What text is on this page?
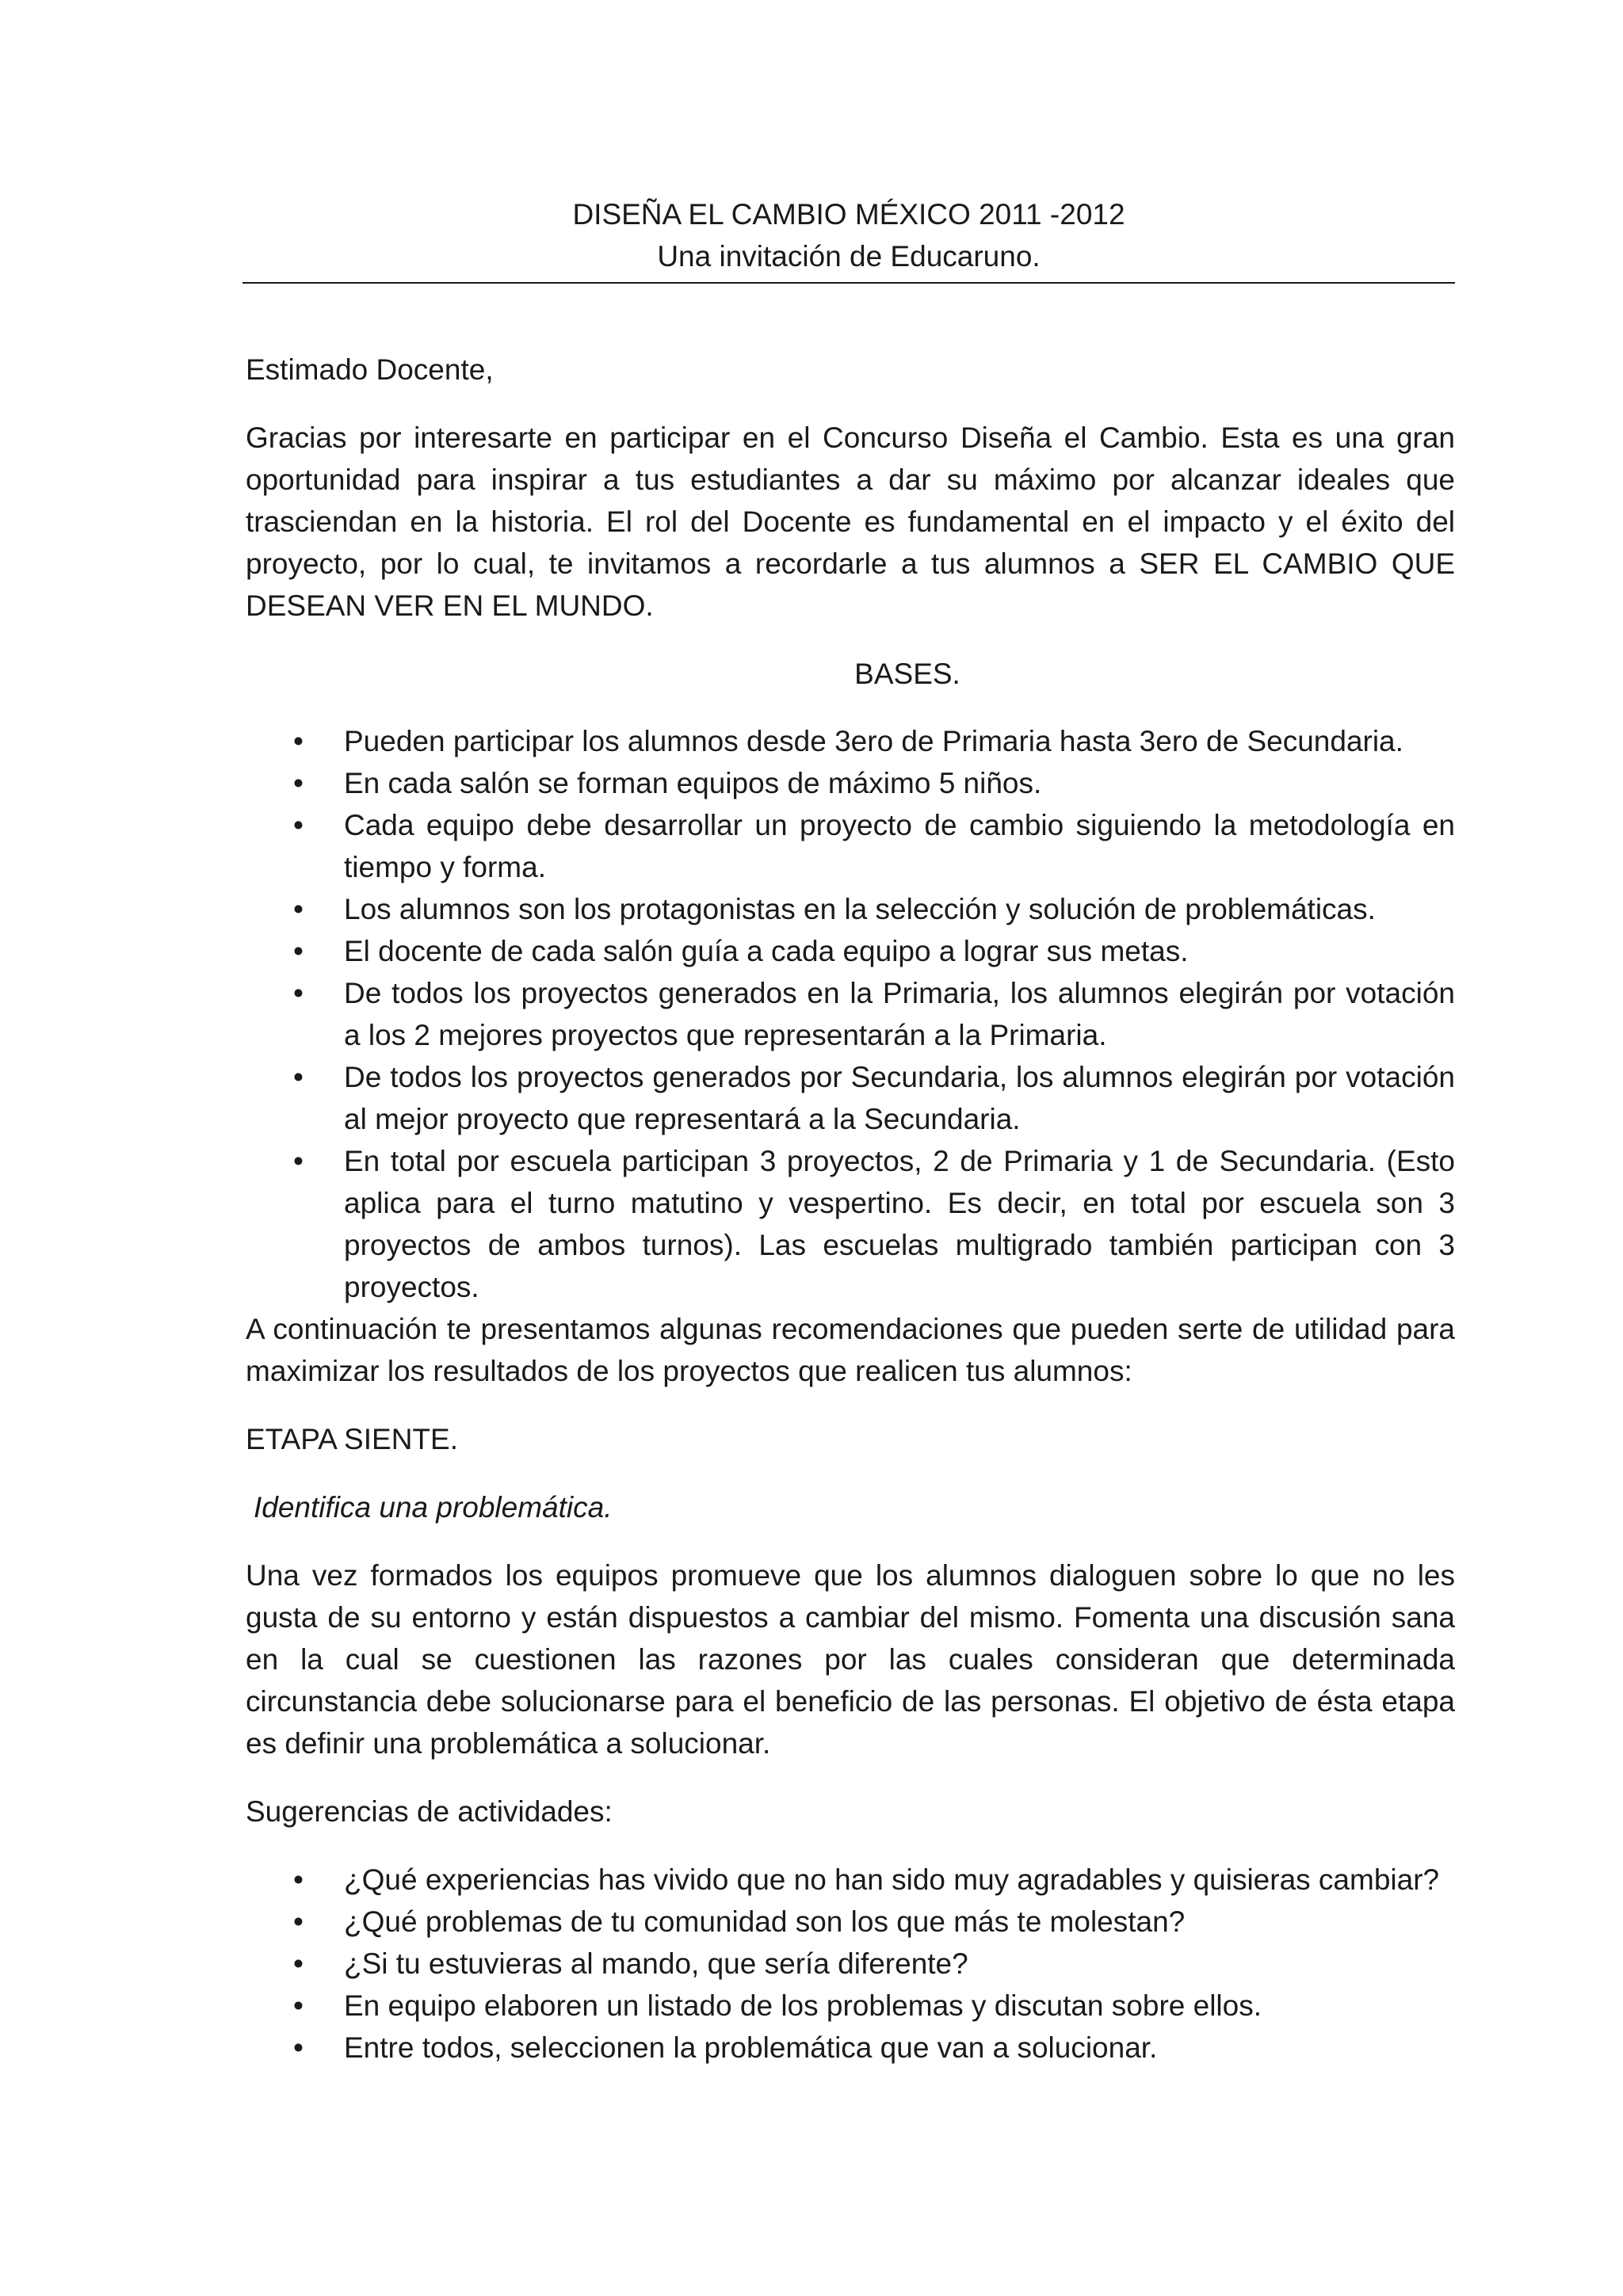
DISEÑA EL CAMBIO MÉXICO 2011 -2012
Una invitación de Educaruno.

Estimado Docente,

Gracias por interesarte en participar en el Concurso Diseña el Cambio. Esta es una gran oportunidad para inspirar a tus estudiantes a dar su máximo por alcanzar ideales que trasciendan en la historia. El rol del Docente es fundamental en el impacto y el éxito del proyecto, por lo cual, te invitamos a recordarle a tus alumnos a SER EL CAMBIO QUE DESEAN VER EN EL MUNDO.

BASES.

• Pueden participar los alumnos desde 3ero de Primaria hasta 3ero de Secundaria.
• En cada salón se forman equipos de máximo 5 niños.
• Cada equipo debe desarrollar un proyecto de cambio siguiendo la metodología en tiempo y forma.
• Los alumnos son los protagonistas en la selección y solución de problemáticas.
• El docente de cada salón guía a cada equipo a lograr sus metas.
• De todos los proyectos generados en la Primaria, los alumnos elegirán por votación a los 2 mejores proyectos que representarán a la Primaria.
• De todos los proyectos generados por Secundaria, los alumnos elegirán por votación al mejor proyecto que representará a la Secundaria.
• En total por escuela participan 3 proyectos, 2 de Primaria y 1 de Secundaria. (Esto aplica para el turno matutino y vespertino. Es decir, en total por escuela son 3 proyectos de ambos turnos). Las escuelas multigrado también participan con 3 proyectos.

A continuación te presentamos algunas recomendaciones que pueden serte de utilidad para maximizar los resultados de los proyectos que realicen tus alumnos:

ETAPA SIENTE.

Identifica una problemática.

Una vez formados los equipos promueve que los alumnos dialoguen sobre lo que no les gusta de su entorno y están dispuestos a cambiar del mismo. Fomenta una discusión sana en la cual se cuestionen las razones por las cuales consideran que determinada circunstancia debe solucionarse para el beneficio de las personas. El objetivo de ésta etapa es definir una problemática a solucionar.

Sugerencias de actividades:

• ¿Qué experiencias has vivido que no han sido muy agradables y quisieras cambiar?
• ¿Qué problemas de tu comunidad son los que más te molestan?
• ¿Si tu estuvieras al mando, que sería diferente?
• En equipo elaboren un listado de los problemas y discutan sobre ellos.
• Entre todos, seleccionen la problemática que van a solucionar.
